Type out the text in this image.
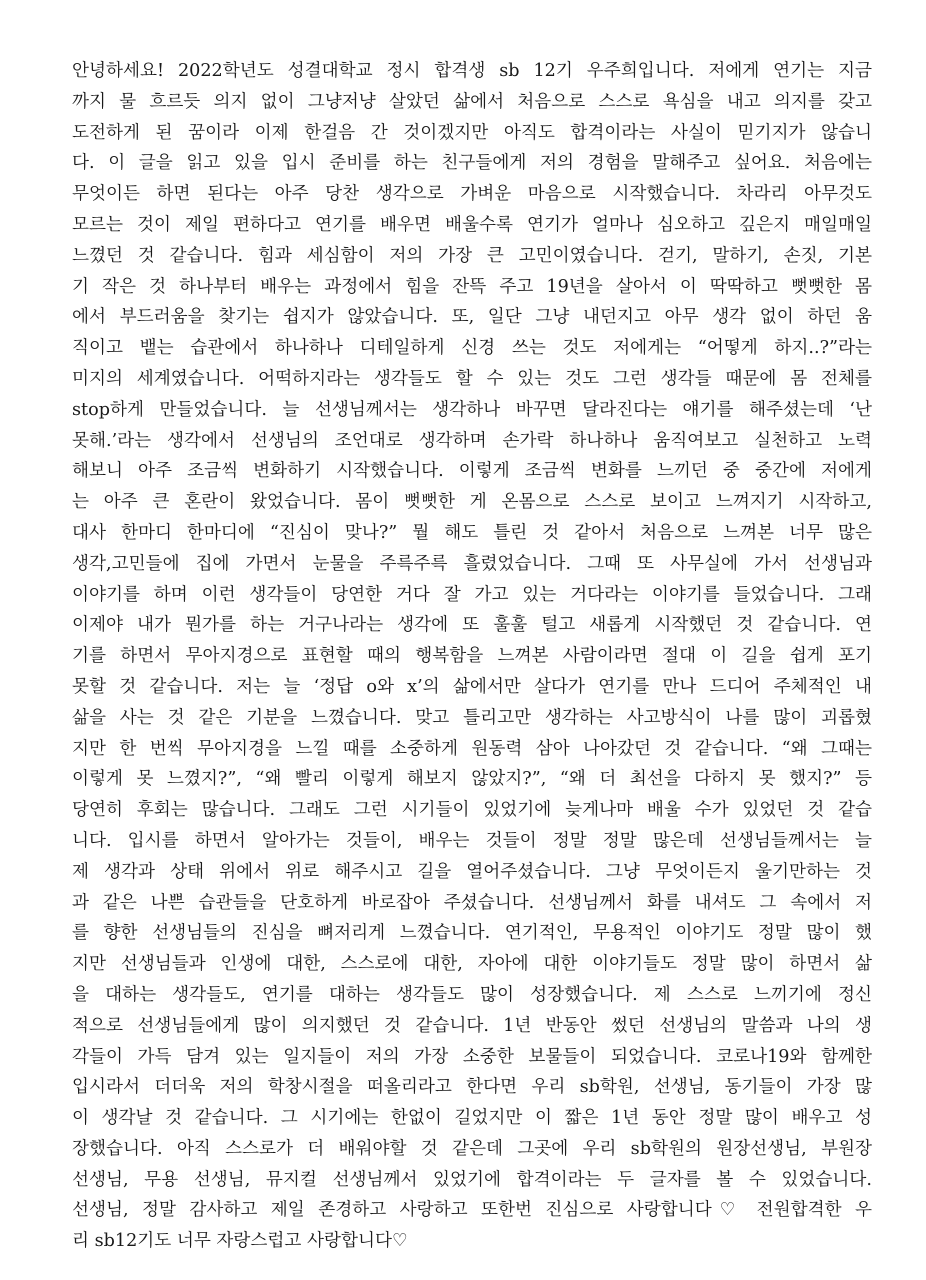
안녕하세요! 2022학년도 성결대학교 정시 합격생 sb 12기 우주희입니다. 저에게 연기는 지금
까지 물 흐르듯 의지 없이 그냥저냥 살았던 삶에서 처음으로 스스로 욕심을 내고 의지를 갖고
도전하게 된 꿈이라 이제 한걸음 간 것이겠지만 아직도 합격이라는 사실이 믿기지가 않습니
다. 이 글을 읽고 있을 입시 준비를 하는 친구들에게 저의 경험을 말해주고 싶어요. 처음에는
무엇이든 하면 된다는 아주 당찬 생각으로 가벼운 마음으로 시작했습니다. 차라리 아무것도
모르는 것이 제일 편하다고 연기를 배우면 배울수록 연기가 얼마나 심오하고 깊은지 매일매일
느꼈던 것 같습니다. 힘과 세심함이 저의 가장 큰 고민이였습니다. 걷기, 말하기, 손짓, 기본
기 작은 것 하나부터 배우는 과정에서 힘을 잔뜩 주고 19년을 살아서 이 딱딱하고 뻣뻣한 몸
에서 부드러움을 찾기는 쉽지가 않았습니다. 또, 일단 그냥 내던지고 아무 생각 없이 하던 움
직이고 뱉는 습관에서 하나하나 디테일하게 신경 쓰는 것도 저에게는 “어떻게 하지..?”라는
미지의 세계였습니다. 어떡하지라는 생각들도 할 수 있는 것도 그런 생각들 때문에 몸 전체를
stop하게 만들었습니다. 늘 선생님께서는 생각하나 바꾸면 달라진다는 얘기를 해주셨는데 ‘난
못해.’라는 생각에서 선생님의 조언대로 생각하며 손가락 하나하나 움직여보고 실천하고 노력
해보니 아주 조금씩 변화하기 시작했습니다. 이렇게 조금씩 변화를 느끼던 중 중간에 저에게
는 아주 큰 혼란이 왔었습니다. 몸이 뻣뻣한 게 온몸으로 스스로 보이고 느껴지기 시작하고,
대사 한마디 한마디에 “진심이 맞나?” 뭘 해도 틀린 것 같아서 처음으로 느껴본 너무 많은
생각,고민들에 집에 가면서 눈물을 주륵주륵 흘렸었습니다. 그때 또 사무실에 가서 선생님과
이야기를 하며 이런 생각들이 당연한 거다 잘 가고 있는 거다라는 이야기를 들었습니다. 그래
이제야 내가 뭔가를 하는 거구나라는 생각에 또 훌훌 털고 새롭게 시작했던 것 같습니다. 연
기를 하면서 무아지경으로 표현할 때의 행복함을 느껴본 사람이라면 절대 이 길을 쉽게 포기
못할 것 같습니다. 저는 늘 ‘정답 o와 x’의 삶에서만 살다가 연기를 만나 드디어 주체적인 내
삶을 사는 것 같은 기분을 느꼈습니다. 맞고 틀리고만 생각하는 사고방식이 나를 많이 괴롭혔
지만 한 번씩 무아지경을 느낄 때를 소중하게 원동력 삼아 나아갔던 것 같습니다. “왜 그때는
이렇게 못 느꼈지?”, “왜 빨리 이렇게 해보지 않았지?”, “왜 더 최선을 다하지 못 했지?” 등
당연히 후회는 많습니다. 그래도 그런 시기들이 있었기에 늦게나마 배울 수가 있었던 것 같습
니다. 입시를 하면서 알아가는 것들이, 배우는 것들이 정말 정말 많은데 선생님들께서는 늘
제 생각과 상태 위에서 위로 해주시고 길을 열어주셨습니다. 그냥 무엇이든지 울기만하는 것
과 같은 나쁜 습관들을 단호하게 바로잡아 주셨습니다. 선생님께서 화를 내셔도 그 속에서 저
를 향한 선생님들의 진심을 뼈저리게 느꼈습니다. 연기적인, 무용적인 이야기도 정말 많이 했
지만 선생님들과 인생에 대한, 스스로에 대한, 자아에 대한 이야기들도 정말 많이 하면서 삶
을 대하는 생각들도, 연기를 대하는 생각들도 많이 성장했습니다. 제 스스로 느끼기에 정신
적으로 선생님들에게 많이 의지했던 것 같습니다. 1년 반동안 썼던 선생님의 말씀과 나의 생
각들이 가득 담겨 있는 일지들이 저의 가장 소중한 보물들이 되었습니다. 코로나19와 함께한
입시라서 더더욱 저의 학창시절을 떠올리라고 한다면 우리 sb학원, 선생님, 동기들이 가장 많
이 생각날 것 같습니다. 그 시기에는 한없이 길었지만 이 짧은 1년 동안 정말 많이 배우고 성
장했습니다. 아직 스스로가 더 배워야할 것 같은데 그곳에 우리 sb학원의 원장선생님, 부원장
선생님, 무용 선생님, 뮤지컬 선생님께서 있었기에 합격이라는 두 글자를 볼 수 있었습니다.
선생님, 정말 감사하고 제일 존경하고 사랑하고 또한번 진심으로 사랑합니다♡ 전원합격한 우
리 sb12기도 너무 자랑스럽고 사랑합니다♡
